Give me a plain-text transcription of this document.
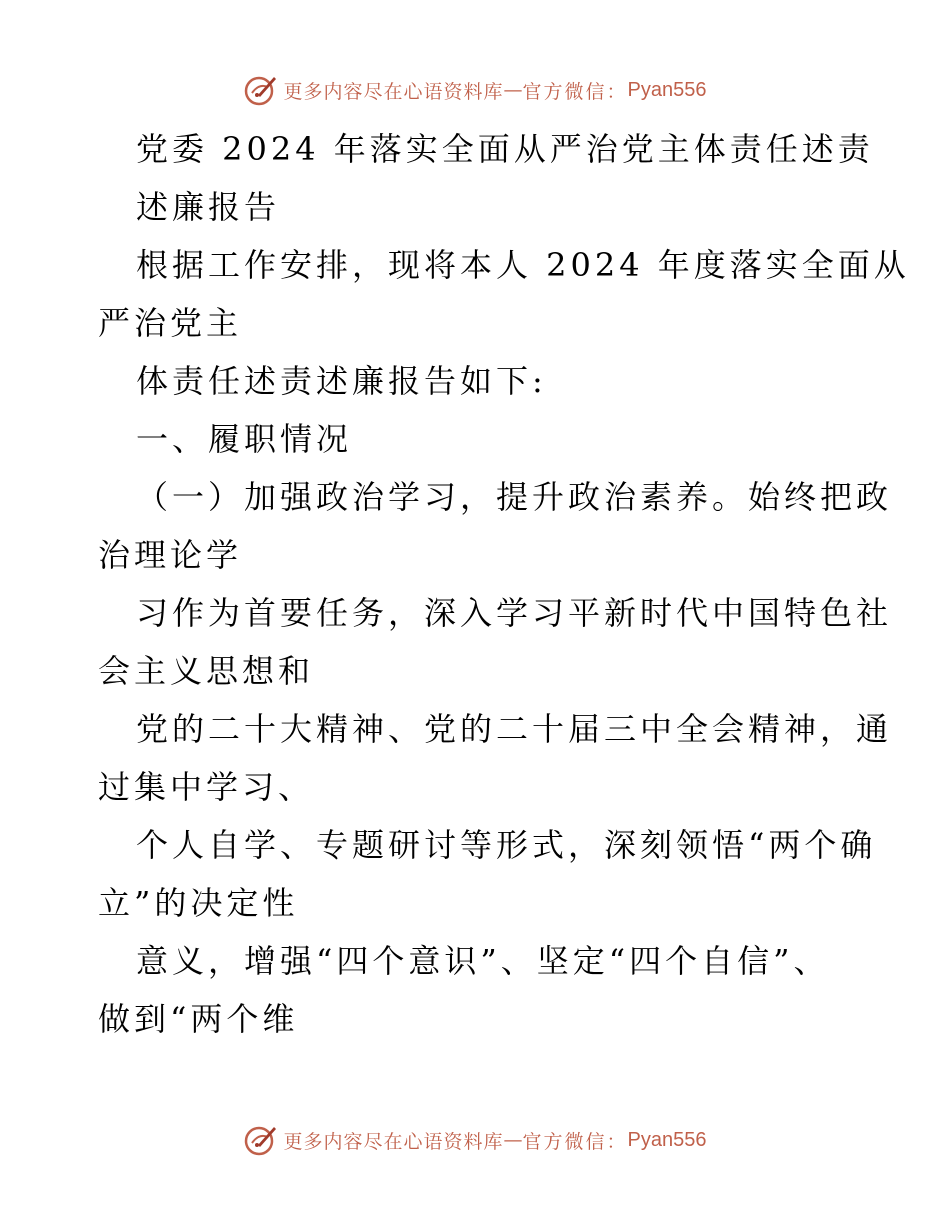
更多内容尽在心语资料库 — 官方微信： Pyan556

党委 2024 年落实全面从严治党主体责任述责

述廉报告

根据工作安排，现将本人 2024 年度落实全面从

严治党主

体责任述责述廉报告如下:

一、履职情况

（一）加强政治学习，提升政治素养。始终把政

治理论学

习作为首要任务，深入学习平新时代中国特色社

会主义思想和

党的二十大精神、党的二十届三中全会精神，通

过集中学习、

个人自学、专题研讨等形式，深刻领悟“两个确

立”的决定性

意义，增强“四个意识”、坚定“四个自信”、

做到“两个维

更多内容尽在心语资料库 — 官方微信： Pyan556
